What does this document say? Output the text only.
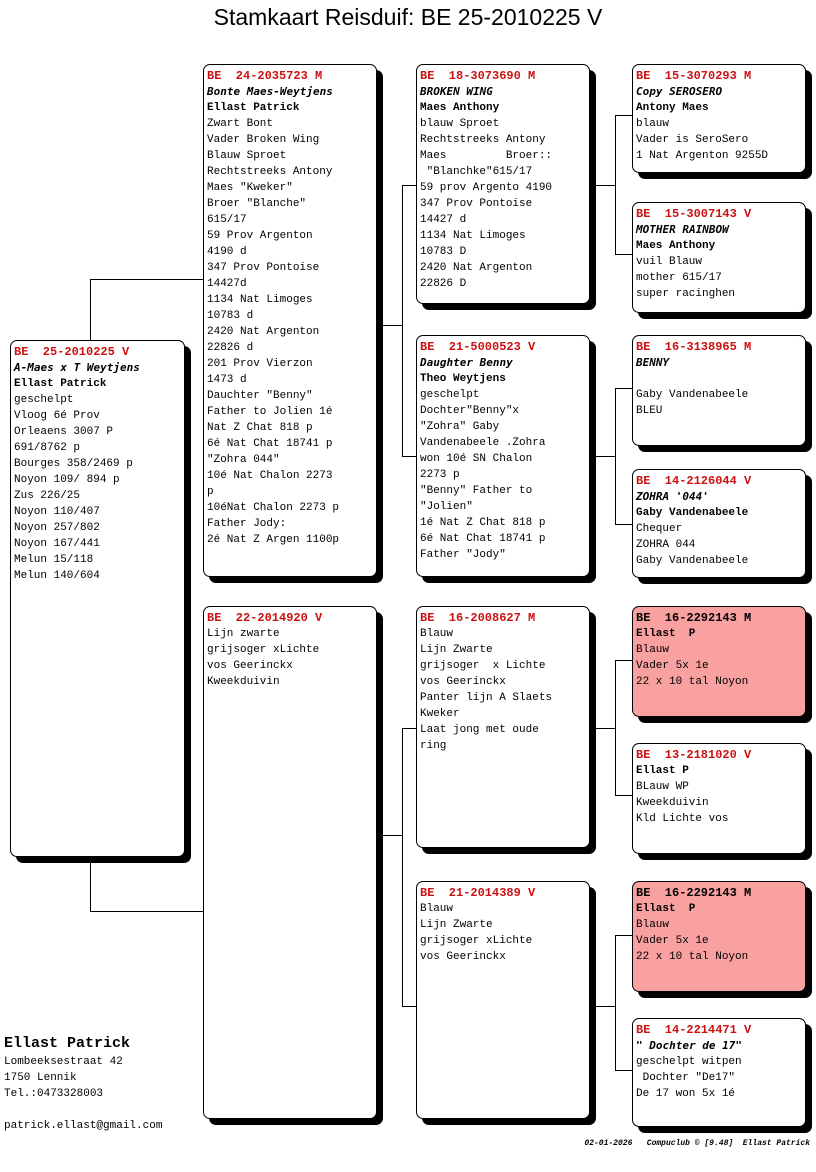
Stamkaart Reisduif: BE 25-2010225 V
BE  25-2010225 V
A-Maes x T Weytjens
Ellast Patrick
geschelpt
Vloog 6é Prov
Orleaens 3007 P
691/8762 p
Bourges 358/2469 p
Noyon 109/ 894 p
Zus 226/25
Noyon 110/407
Noyon 257/802
Noyon 167/441
Melun 15/118
Melun 140/604
BE  24-2035723 M
Bonte Maes-Weytjens
Ellast Patrick
Zwart Bont
Vader Broken Wing
Blauw Sproet
Rechtstreeks Antony
Maes "Kweker"
Broer "Blanche"
615/17
59 Prov Argenton
4190 d
347 Prov Pontoise
14427d
1134 Nat Limoges
10783 d
2420 Nat Argenton
22826 d
201 Prov Vierzon
1473 d
Dauchter "Benny"
Father to Jolien 1é
Nat Z Chat 818 p
6é Nat Chat 18741 p
"Zohra 044"
10é Nat Chalon 2273
p
10éNat Chalon 2273 p
Father Jody:
2é Nat Z Argen 1100p
BE  22-2014920 V
Lijn zwarte
grijsoger xLichte
vos Geerinckx
Kweekduivin
BE  18-3073690 M
BROKEN WING
Maes Anthony
blauw Sproet
Rechtstreeks Antony
Maes         Broer::
"Blanchke"615/17
59 prov Argento 4190
347 Prov Pontoise
14427 d
1134 Nat Limoges
10783 D
2420 Nat Argenton
22826 D
BE  21-5000523 V
Daughter Benny
Theo Weytjens
geschelpt
Dochter"Benny"x
"Zohra" Gaby
Vandenabeele .Zohra
won 10é SN Chalon
2273 p
"Benny" Father to
"Jolien"
1é Nat Z Chat 818 p
6é Nat Chat 18741 p
Father "Jody"
BE  16-2008627 M
Blauw
Lijn Zwarte
grijsoger  x Lichte
vos Geerinckx
Panter lijn A Slaets
Kweker
Laat jong met oude
ring
BE  21-2014389 V
Blauw
Lijn Zwarte
grijsoger xLichte
vos Geerinckx
BE  15-3070293 M
Copy SEROSERO
Antony Maes
blauw
Vader is SeroSero
1 Nat Argenton 9255D
BE  15-3007143 V
MOTHER RAINBOW
Maes Anthony
vuil Blauw
mother 615/17
super racinghen
BE  16-3138965 M
BENNY

Gaby Vandenabeele
BLEU
BE  14-2126044 V
ZOHRA '044'
Gaby Vandenabeele
Chequer
ZOHRA 044
Gaby Vandenabeele
BE  16-2292143 M
Ellast  P
Blauw
Vader 5x 1e
22 x 10 tal Noyon
BE  13-2181020 V
Ellast P
BLauw WP
Kweekduivin
Kld Lichte vos
BE  16-2292143 M
Ellast  P
Blauw
Vader 5x 1e
22 x 10 tal Noyon
BE  14-2214471 V
" Dochter de 17"
geschelpt witpen
Dochter "De17"
De 17 won 5x 1é
Ellast Patrick
Lombeeksestraat 42
1750 Lennik
Tel.:0473328003
patrick.ellast@gmail.com
02-01-2026   Compuclub © [9.48]  Ellast Patrick
